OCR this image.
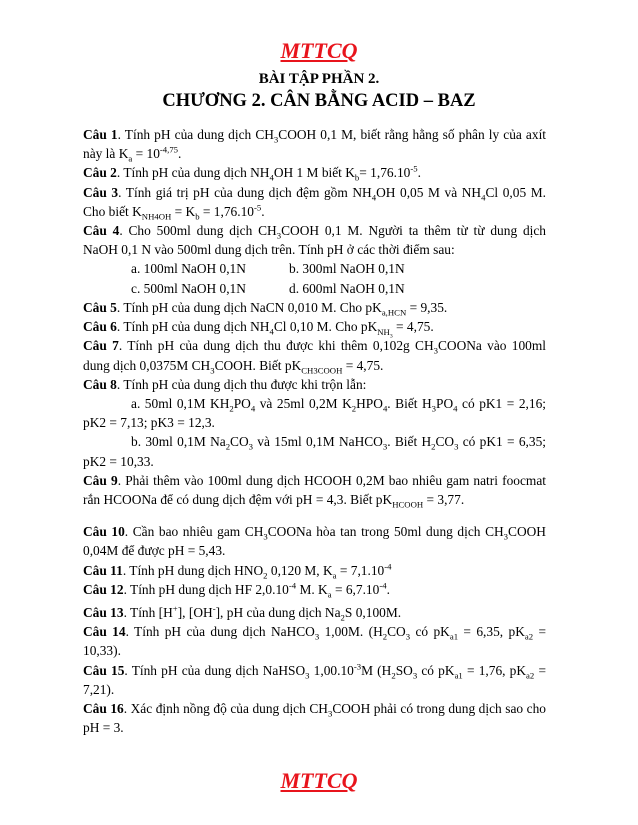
MTTCQ
BÀI TẬP PHẦN 2.
CHƯƠNG 2. CÂN BẰNG ACID – BAZ

Câu 1. Tính pH của dung dịch $CH_3COOH$ 0,1 M, biết rằng hằng số phân ly của axít này là $K_a = 10^{-4,75}$.

Câu 2. Tính pH của dung dịch $NH_4OH$ 1 M biết $K_b= 1,76.10^{-5}$.

Câu 3. Tính giá trị pH của dung dịch đệm gồm $NH_4OH$ 0,05 M và $NH_4Cl$ 0,05 M. Cho biết $K_{NH4OH} = K_b = 1,76.10^{-5}$.

Câu 4. Cho 500ml dung dịch $CH_3COOH$ 0,1 M. Người ta thêm từ từ dung dịch NaOH 0,1 N vào 500ml dung dịch trên. Tính pH ở các thời điểm sau:

a. 100ml NaOH 0,1N	b. 300ml NaOH 0,1N
c. 500ml NaOH 0,1N	d. 600ml NaOH 0,1N

Câu 5. Tính pH của dung dịch NaCN 0,010 M. Cho $pK_{a,HCN} = 9,35$.

Câu 6. Tính pH của dung dịch $NH_4Cl$ 0,10 M. Cho $pK_{NH_3} = 4,75$.

Câu 7. Tính pH của dung dịch thu được khi thêm 0,102g $CH_3COONa$ vào 100ml dung dịch 0,0375M $CH_3COOH$. Biết $pK_{CH3COOH} = 4,75$.

Câu 8. Tính pH của dung dịch thu được khi trộn lẫn:

a. 50ml 0,1M $KH_2PO_4$ và 25ml 0,2M $K_2HPO_4$. Biết $H_3PO_4$ có pK1 = 2,16; pK2 = 7,13; pK3 = 12,3.

b. 30ml 0,1M $Na_2CO_3$ và 15ml 0,1M NaHCO$_3$. Biết $H_2CO_3$ có pK1 = 6,35; pK2 = 10,33.

Câu 9. Phải thêm vào 100ml dung dịch HCOOH 0,2M bao nhiêu gam natri foocmat rắn HCOONa để có dung dịch đệm với pH = 4,3. Biết $pK_{HCOOH} = 3,77$.

Câu 10. Cần bao nhiêu gam $CH_3COONa$ hòa tan trong 50ml dung dịch $CH_3COOH$ 0,04M để được pH = 5,43.

Câu 11. Tính pH dung dịch $HNO_2$ 0,120 M, $K_a = 7,1.10^{-4}$

Câu 12. Tính pH dung dịch HF $2,0.10^{-4}$ M. $K_a = 6,7.10^{-4}$.

Câu 13. Tính [H+], [OH-], pH của dung dịch $Na_2S$ 0,100M.

Câu 14. Tính pH của dung dịch NaHCO$_3$ 1,00M. ($H_2CO_3$ có $pK_{a1} = 6,35$, $pK_{a2} = 10,33$).

Câu 15. Tính pH của dung dịch NaHSO$_3$ $1,00.10^{-3}M$ ($H_2SO_3$ có $pK_{a1} = 1,76$, $pK_{a2} = 7,21$).

Câu 16. Xác định nồng độ của dung dịch $CH_3COOH$ phải có trong dung dịch sao cho pH = 3.

MTTCQ
